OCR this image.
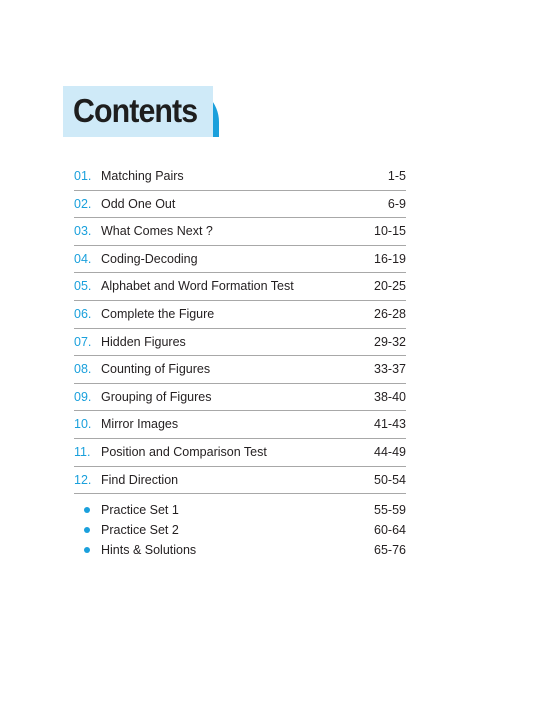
Contents
01. Matching Pairs	1-5
02. Odd One Out	6-9
03. What Comes Next ?	10-15
04. Coding-Decoding	16-19
05. Alphabet and Word Formation Test	20-25
06. Complete the Figure	26-28
07. Hidden Figures	29-32
08. Counting of Figures	33-37
09. Grouping of Figures	38-40
10. Mirror Images	41-43
11. Position and Comparison Test	44-49
12. Find Direction	50-54
Practice Set 1	55-59
Practice Set 2	60-64
Hints & Solutions	65-76
